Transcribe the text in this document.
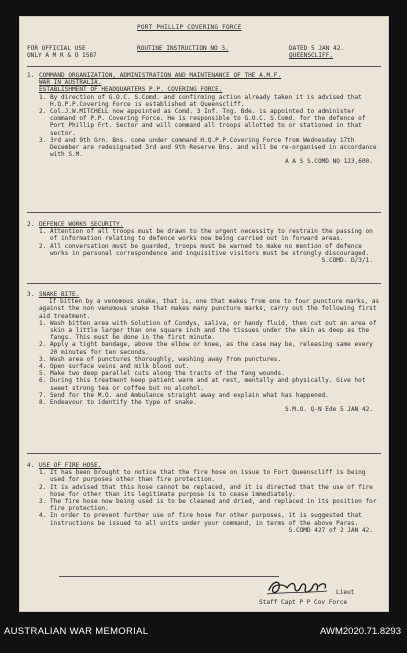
PORT PHILLIP COVERING FORCE
FOR OFFICIAL USE
ONLY A M R & O 1587
ROUTINE INSTRUCTION NO 3.	DATED 5 JAN 42.
QUEENSCLIFF.
1. COMMAND ORGANIZATION, ADMINISTRATION AND MAINTENANCE OF THE A.M.F.
WAR IN AUSTRALIA.
ESTABLISHMENT OF HEADQUARTERS P.P. COVERING FORCE.
1. By direction of G.O.C. S.Comd. and confirming action already taken it is advised that H.Q.P.P.Covering Force is established at Queenscliff.
2. Col.J.W.MITCHELL now appointed as Comd. 3 Inf. Tng. Bde. is appointed to administer command of P.P. Covering Force. He is responsible to G.O.C. S.Comd. for the defence of Port Phillip Frt. Sector and will command all troops allotted to or stationed in that sector.
3. 3rd and 9th Grn. Bns. come under command H.Q.P.P.Covering Force from Wednesday 17th December are redesignated 3rd and 9th Reserve Bns. and will be re-organised in accordance with S.M.
A A S S.COMD NO 123,600.
2. DEFENCE WORKS SECURITY.
1. Attention of all troops must be drawn to the urgent necessity to restrain the passing on of information relating to defence works now being carried out in forward areas.
2. All conversation must be guarded, troops must be warned to make no mention of defence works in personal correspondence and inquisitive visitors must be strongly discouraged.
S.COMD. D/3/1.
3. SNAKE BITE.
If bitten by a venomous snake, that is, one that makes from one to four puncture marks, as against the non venomous snake that makes many puncture marks, carry out the following first aid treatment.
1. Wash bitten area with Solution of Condys, saliva, or handy fluid, then cut out an area of skin a little larger than one square inch and the tissues under the skin as deep as the fangs. This must be done in the first minute.
2. Apply a tight bandage, above the elbow or knee, as the case may be, releasing same every 20 minutes for ten seconds.
3. Wash area of punctures thoroughly, washing away from punctures.
4. Open surface veins and milk blood out.
5. Make two deep parallel cuts along the tracts of the fang wounds.
6. During this treatment keep patient warm and at rest, mentally and physically. Give hot sweet strong tea or coffee but no alcohol.
7. Send for the M.O. and Ambulance straight away and explain what has happened.
8. Endeavour to identify the type of snake.
S.M.O. Q-N Ede 5 JAN 42.
4. USE OF FIRE HOSE.
1. It has been brought to notice that the fire hose on issue to Fort Queenscliff is being used for purposes other than fire protection.
2. It is advised that this hose cannot be replaced, and it is directed that the use of fire hose for other than its legitimate purpose is to cease immediately.
3. The fire hose now being used is to be cleaned and dried, and replaced in its position for fire protection.
4. In order to prevent further use of fire hose for other purposes, it is suggested that instructions be issued to all units under your command, in terms of the above Paras.
S.COMD 427 of 2 JAN 42.
Lieut
Staff Capt P P Cov Force
AUSTRALIAN WAR MEMORIAL	AWM2020.71.8293
